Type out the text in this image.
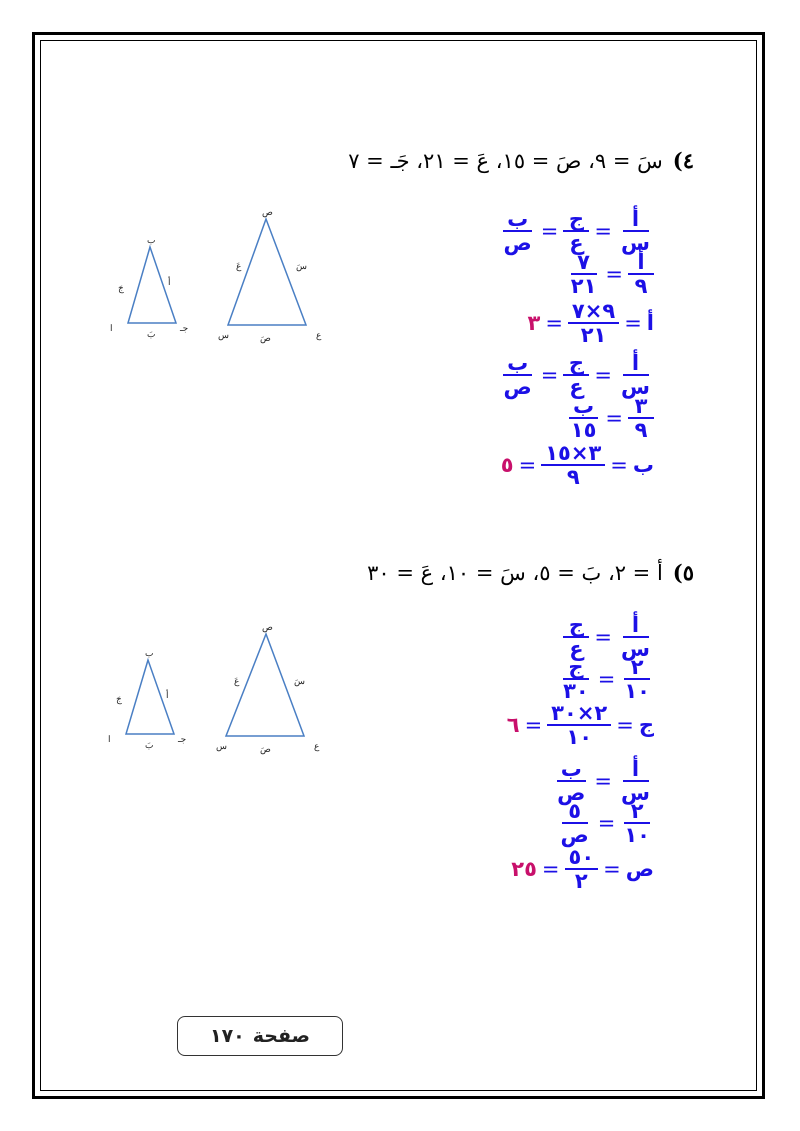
٤)سَ = ٩، صَ = ١٥، عَ = ٢١، جَـ = ٧
$\frac{\text{أ}}{\text{س}}$
=
$\frac{\text{ج}}{\text{ع}}$
=
$\frac{\text{ب}}{\text{ص}}$
$\frac{\text{أ}}{٩}$
=
$\frac{٧}{٢١}$
أ
=
$\frac{٩\times ٧}{٢١}$
=
٣
$\frac{\text{أ}}{\text{س}}$
=
$\frac{\text{ج}}{\text{ع}}$
=
$\frac{\text{ب}}{\text{ص}}$
$\frac{٣}{٩}$
=
$\frac{\text{ب}}{١٥}$
ب
=
$\frac{٣\times ١٥}{٩}$
=
٥
٥)أ = ٢، بَ = ٥، سَ = ١٠، عَ = ٣٠
$\frac{\text{أ}}{\text{س}}$
=
$\frac{\text{ج}}{\text{ع}}$
$\frac{٢}{١٠}$
=
$\frac{\text{ج}}{٣٠}$
ج
=
$\frac{٢\times ٣٠}{١٠}$
=
٦
$\frac{\text{أ}}{\text{س}}$
=
$\frac{\text{ب}}{\text{ص}}$
$\frac{٢}{١٠}$
=
$\frac{٥}{\text{ص}}$
ص
=
$\frac{٥٠}{٢}$
=
٢٥
ص
عَ	سَ
س	صَ	ع
ب
جَ
أ
ا
بَ
جـ
ص
عَ	سَ
س	صَ	ع
ب
جَ	أ
ا
بَ
جـ
صفحة
١٧٠
